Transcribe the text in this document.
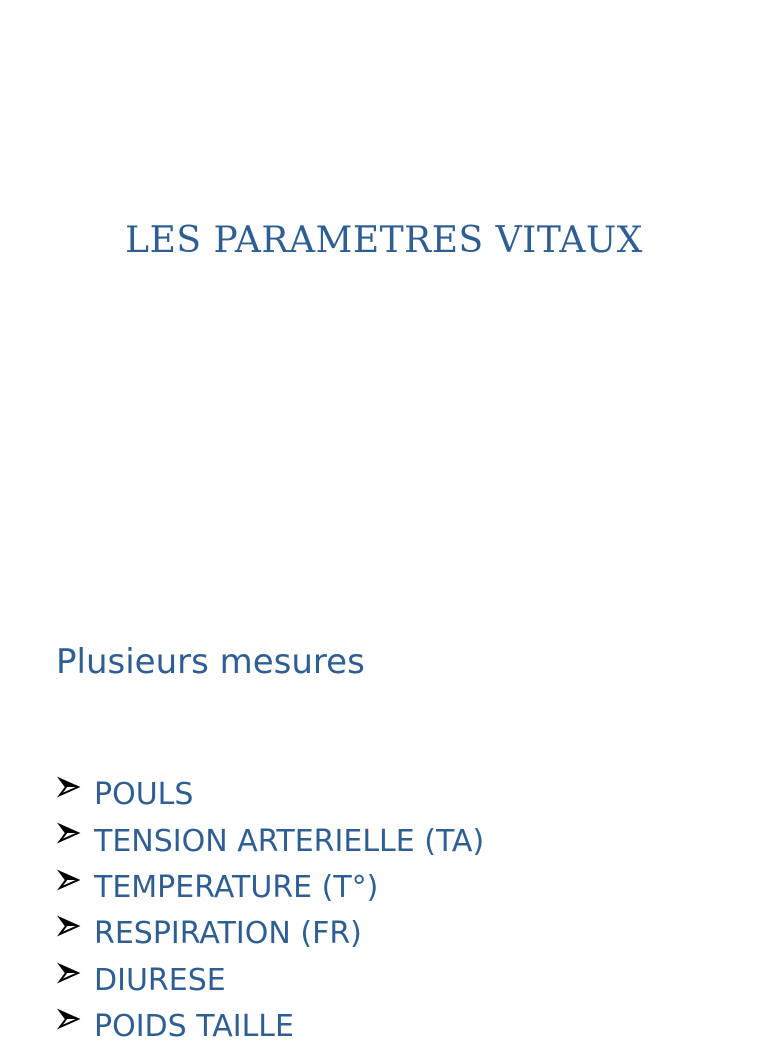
LES PARAMETRES VITAUX
Plusieurs mesures
POULS
TENSION ARTERIELLE (TA)
TEMPERATURE (T°)
RESPIRATION (FR)
DIURESE
POIDS TAILLE
